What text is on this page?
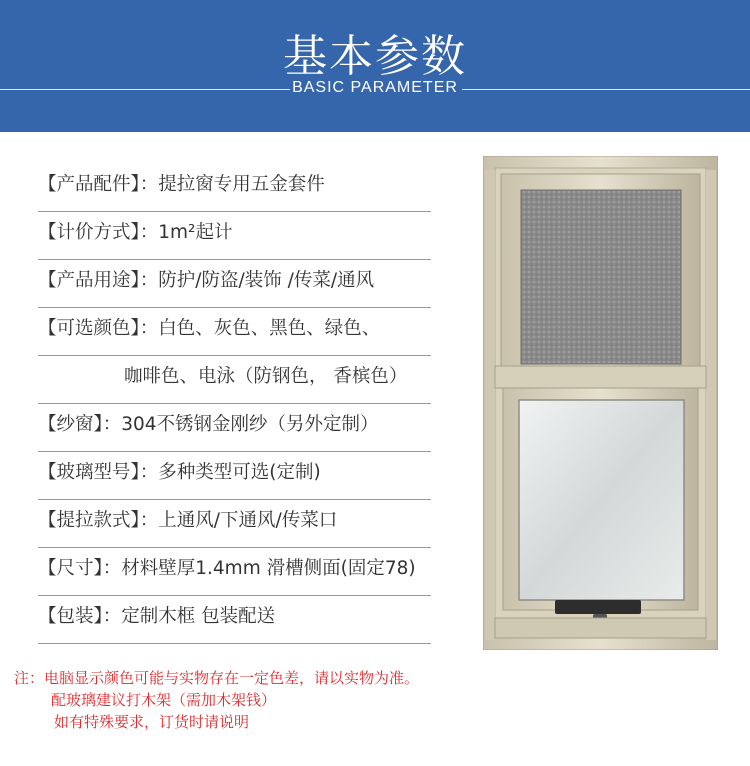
基本参数
BASIC PARAMETER
【产品配件】：提拉窗专用五金套件
【计价方式】：1m²起计
【产品用途】：防护/防盗/装饰 /传菜/通风
【可选颜色】：白色、灰色、黑色、绿色、
咖啡色、电泳（防钢色， 香槟色）
【纱窗】：304不锈钢金刚纱（另外定制）
【玻璃型号】：多种类型可选(定制)
【提拉款式】：上通风/下通风/传菜口
【尺寸】：材料壁厚1.4mm 滑槽侧面(固定78)
【包装】：定制木框 包装配送
注：电脑显示颜色可能与实物存在一定色差，请以实物为准。
配玻璃建议打木架（需加木架钱）
如有特殊要求，订货时请说明
